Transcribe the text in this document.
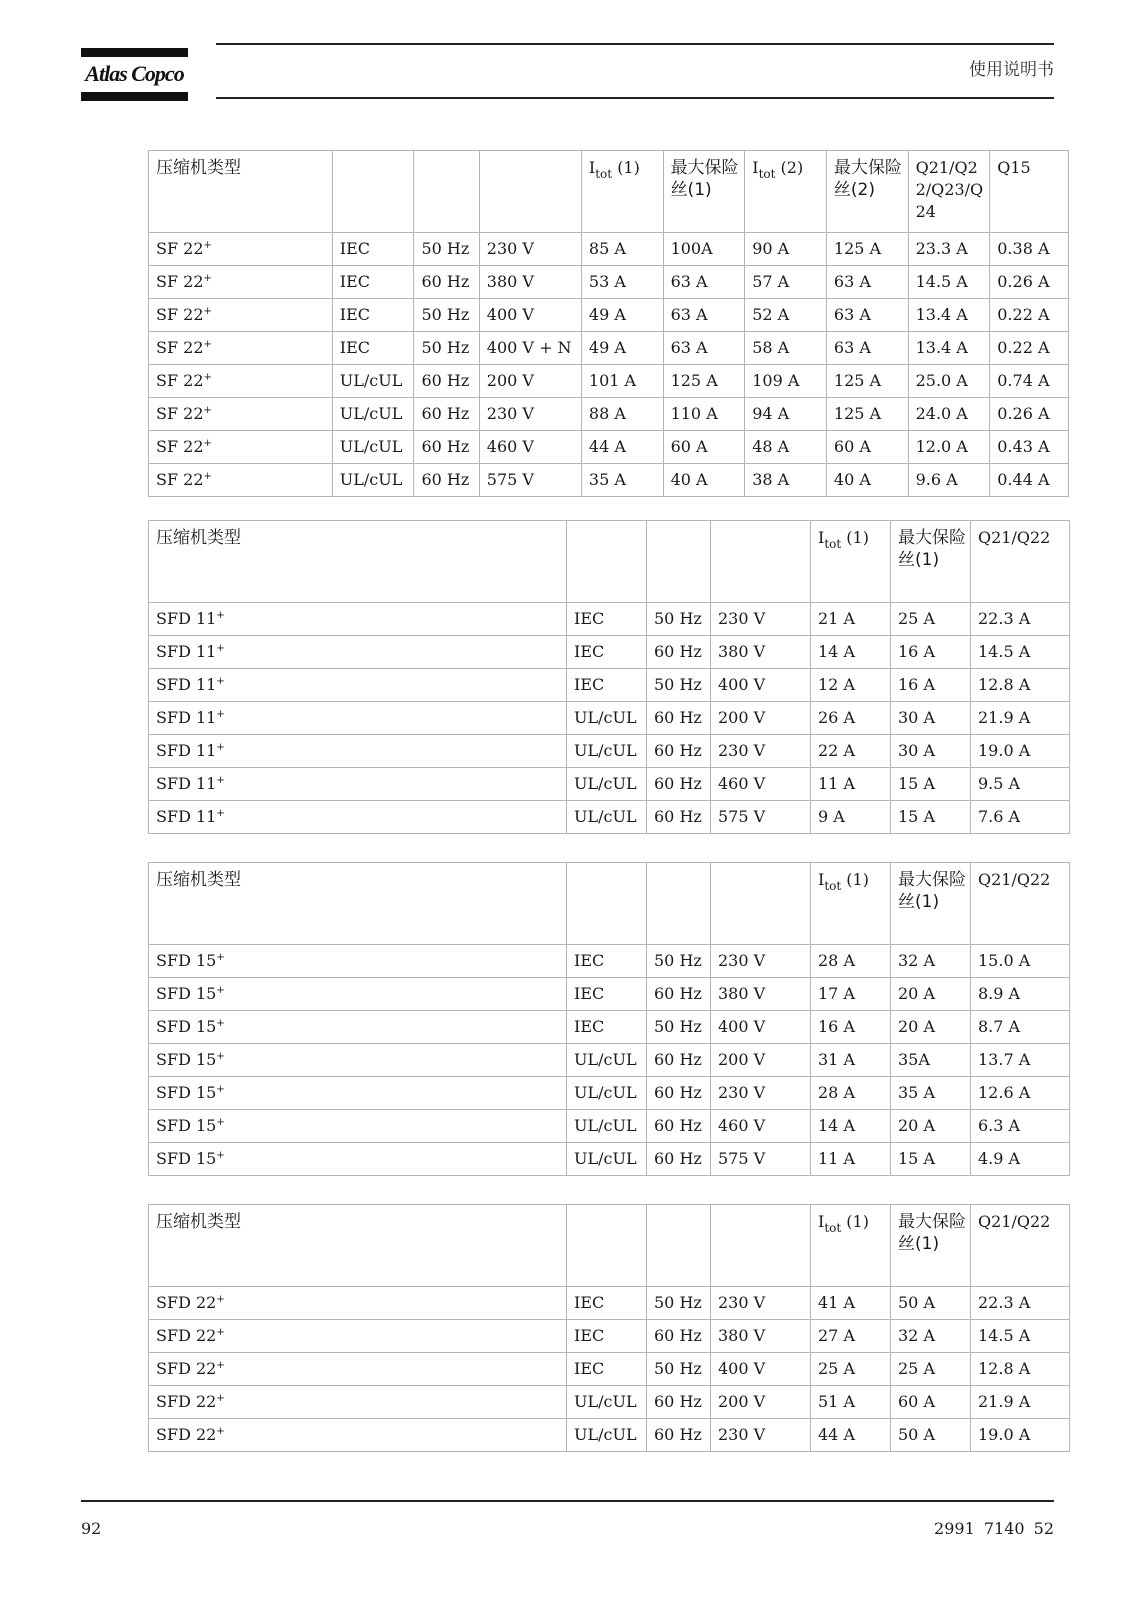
Atlas Copco	使用说明书
压缩机类型				$I_{tot}$ (1)	最大保险丝(1)	$I_{tot}$ (2)	最大保险丝(2)	Q21/Q22/Q23/Q24	Q15
SF 22+	IEC	50 Hz	230 V	85 A	100A	90 A	125 A	23.3 A	0.38 A
SF 22+	IEC	60 Hz	380 V	53 A	63 A	57 A	63 A	14.5 A	0.26 A
SF 22+	IEC	50 Hz	400 V	49 A	63 A	52 A	63 A	13.4 A	0.22 A
SF 22+	IEC	50 Hz	400 V + N	49 A	63 A	58 A	63 A	13.4 A	0.22 A
SF 22+	UL/cUL	60 Hz	200 V	101 A	125 A	109 A	125 A	25.0 A	0.74 A
SF 22+	UL/cUL	60 Hz	230 V	88 A	110 A	94 A	125 A	24.0 A	0.26 A
SF 22+	UL/cUL	60 Hz	460 V	44 A	60 A	48 A	60 A	12.0 A	0.43 A
SF 22+	UL/cUL	60 Hz	575 V	35 A	40 A	38 A	40 A	9.6 A	0.44 A
压缩机类型				$I_{tot}$ (1)	最大保险丝(1)	Q21/Q22
SFD 11+	IEC	50 Hz	230 V	21 A	25 A	22.3 A
SFD 11+	IEC	60 Hz	380 V	14 A	16 A	14.5 A
SFD 11+	IEC	50 Hz	400 V	12 A	16 A	12.8 A
SFD 11+	UL/cUL	60 Hz	200 V	26 A	30 A	21.9 A
SFD 11+	UL/cUL	60 Hz	230 V	22 A	30 A	19.0 A
SFD 11+	UL/cUL	60 Hz	460 V	11 A	15 A	9.5 A
SFD 11+	UL/cUL	60 Hz	575 V	9 A	15 A	7.6 A
压缩机类型				$I_{tot}$ (1)	最大保险丝(1)	Q21/Q22
SFD 15+	IEC	50 Hz	230 V	28 A	32 A	15.0 A
SFD 15+	IEC	60 Hz	380 V	17 A	20 A	8.9 A
SFD 15+	IEC	50 Hz	400 V	16 A	20 A	8.7 A
SFD 15+	UL/cUL	60 Hz	200 V	31 A	35A	13.7 A
SFD 15+	UL/cUL	60 Hz	230 V	28 A	35 A	12.6 A
SFD 15+	UL/cUL	60 Hz	460 V	14 A	20 A	6.3 A
SFD 15+	UL/cUL	60 Hz	575 V	11 A	15 A	4.9 A
压缩机类型				$I_{tot}$ (1)	最大保险丝(1)	Q21/Q22
SFD 22+	IEC	50 Hz	230 V	41 A	50 A	22.3 A
SFD 22+	IEC	60 Hz	380 V	27 A	32 A	14.5 A
SFD 22+	IEC	50 Hz	400 V	25 A	25 A	12.8 A
SFD 22+	UL/cUL	60 Hz	200 V	51 A	60 A	21.9 A
SFD 22+	UL/cUL	60 Hz	230 V	44 A	50 A	19.0 A
92	2991 7140 52
